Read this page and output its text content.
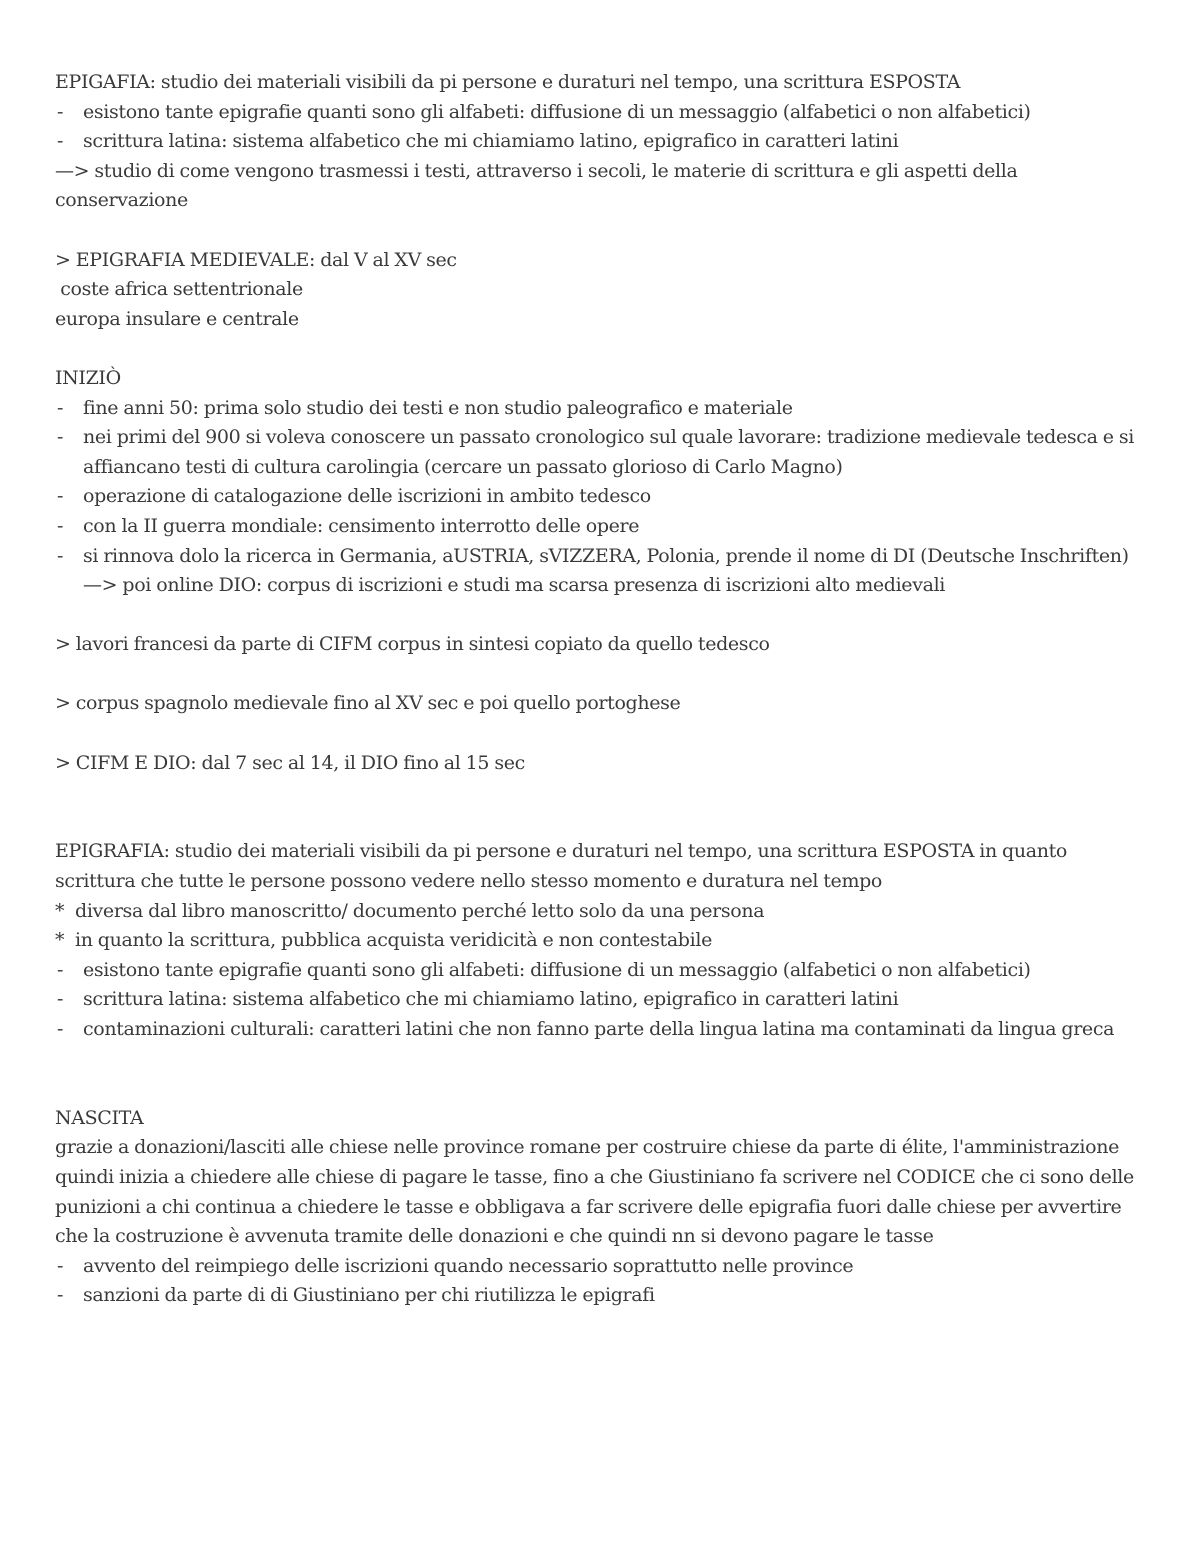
EPIGAFIA: studio dei materiali visibili da pi persone e duraturi nel tempo, una scrittura ESPOSTA

- esistono tante epigrafie quanti sono gli alfabeti: diffusione di un messaggio (alfabetici o non alfabetici)
- scrittura latina: sistema alfabetico che mi chiamiamo latino, epigrafico in caratteri latini

—> studio di come vengono trasmessi i testi, attraverso i secoli, le materie di scrittura e gli aspetti della conservazione

> EPIGRAFIA MEDIEVALE: dal V al XV sec

coste africa settentrionale

europa insulare e centrale

INIZIÒ

- fine anni 50: prima solo studio dei testi e non studio paleografico e materiale
- nei primi del 900 si voleva conoscere un passato cronologico sul quale lavorare: tradizione medievale tedesca e si affiancano testi di cultura carolingia (cercare un passato glorioso di Carlo Magno)
- operazione di catalogazione delle iscrizioni in ambito tedesco
- con la II guerra mondiale: censimento interrotto delle opere
- si rinnova dolo la ricerca in Germania, aUSTRIA, sVIZZERA, Polonia, prende il nome di DI (Deutsche Inschriften) —> poi online DIO: corpus di iscrizioni e studi ma scarsa presenza di iscrizioni alto medievali

> lavori francesi da parte di CIFM corpus in sintesi copiato da quello tedesco

> corpus spagnolo medievale fino al XV sec e poi quello portoghese

> CIFM E DIO: dal 7 sec al 14, il DIO fino al 15 sec

EPIGRAFIA: studio dei materiali visibili da pi persone e duraturi nel tempo, una scrittura ESPOSTA in quanto scrittura che tutte le persone possono vedere nello stesso momento e duratura nel tempo

* diversa dal libro manoscritto/ documento perché letto solo da una persona
* in quanto la scrittura, pubblica acquista veridicità e non contestabile
- esistono tante epigrafie quanti sono gli alfabeti: diffusione di un messaggio (alfabetici o non alfabetici)
- scrittura latina: sistema alfabetico che mi chiamiamo latino, epigrafico in caratteri latini
- contaminazioni culturali: caratteri latini che non fanno parte della lingua latina ma contaminati da lingua greca

NASCITA

grazie a donazioni/lasciti alle chiese nelle province romane per costruire chiese da parte di élite, l'amministrazione quindi inizia a chiedere alle chiese di pagare le tasse, fino a che Giustiniano fa scrivere nel CODICE che ci sono delle punizioni a chi continua a chiedere le tasse e obbligava a far scrivere delle epigrafia fuori dalle chiese per avvertire che la costruzione è avvenuta tramite delle donazioni e che quindi nn si devono pagare le tasse

- avvento del reimpiego delle iscrizioni quando necessario soprattutto nelle province
- sanzioni da parte di di Giustiniano per chi riutilizza le epigrafi
